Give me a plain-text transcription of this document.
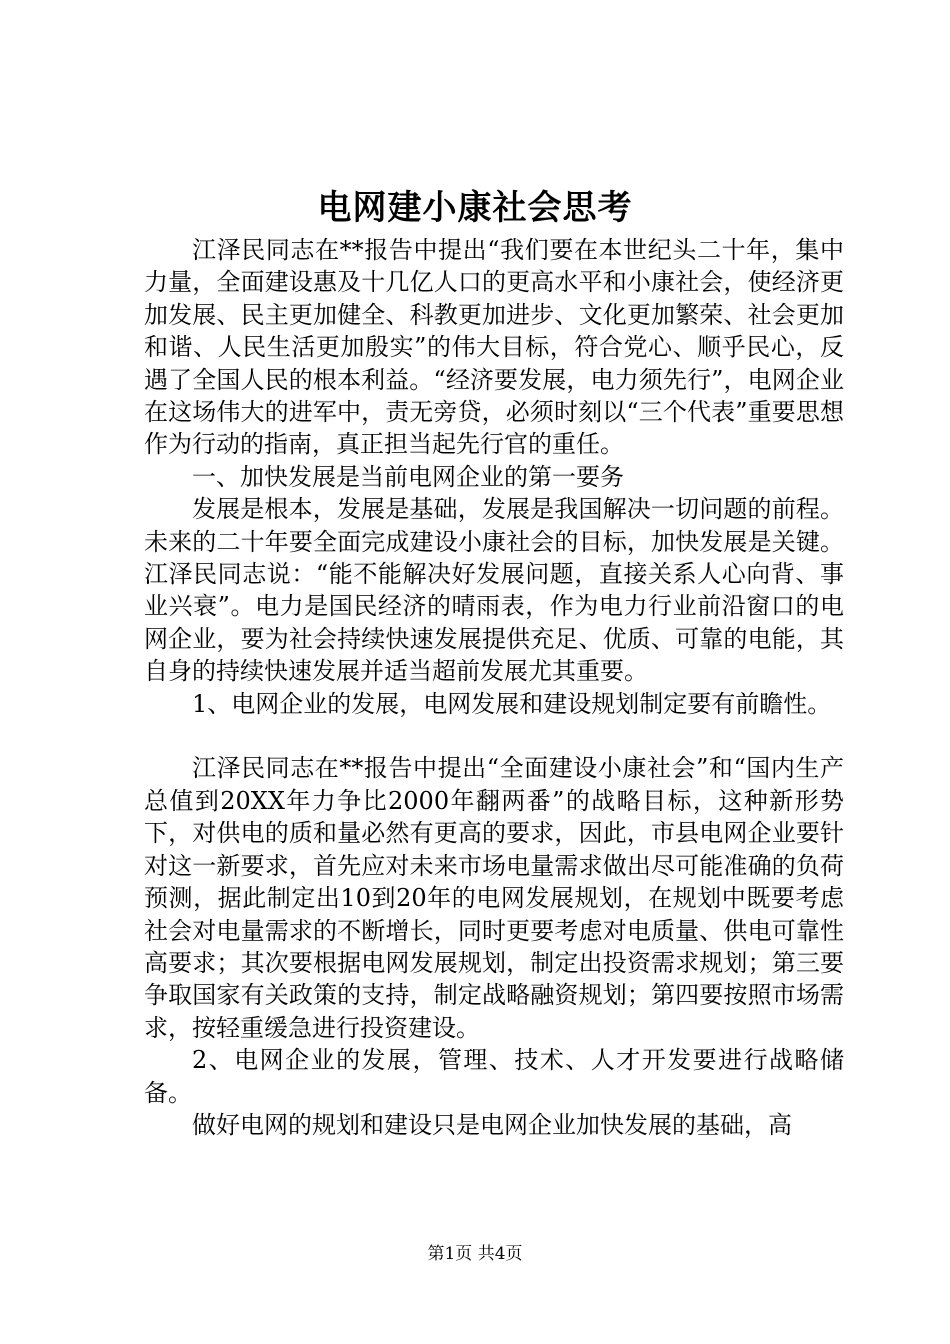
电网建小康社会思考

江泽民同志在**报告中提出“我们要在本世纪头二十年，集中力量，全面建设惠及十几亿人口的更高水平和小康社会，使经济更加发展、民主更加健全、科教更加进步、文化更加繁荣、社会更加和谐、人民生活更加殷实”的伟大目标，符合党心、顺乎民心，反遇了全国人民的根本利益。“经济要发展，电力须先行”，电网企业在这场伟大的进军中，责无旁贷，必须时刻以“三个代表”重要思想作为行动的指南，真正担当起先行官的重任。

一、加快发展是当前电网企业的第一要务

发展是根本，发展是基础，发展是我国解决一切问题的前程。未来的二十年要全面完成建设小康社会的目标，加快发展是关键。江泽民同志说：“能不能解决好发展问题，直接关系人心向背、事业兴衰”。电力是国民经济的晴雨表，作为电力行业前沿窗口的电网企业，要为社会持续快速发展提供充足、优质、可靠的电能，其自身的持续快速发展并适当超前发展尤其重要。

1、电网企业的发展，电网发展和建设规划制定要有前瞻性。

江泽民同志在**报告中提出“全面建设小康社会”和“国内生产总值到20XX年力争比2000年翻两番”的战略目标，这种新形势下，对供电的质和量必然有更高的要求，因此，市县电网企业要针对这一新要求，首先应对未来市场电量需求做出尽可能准确的负荷预测，据此制定出10到20年的电网发展规划，在规划中既要考虑社会对电量需求的不断增长，同时更要考虑对电质量、供电可靠性高要求；其次要根据电网发展规划，制定出投资需求规划；第三要争取国家有关政策的支持，制定战略融资规划；第四要按照市场需求，按轻重缓急进行投资建设。

2、电网企业的发展，管理、技术、人才开发要进行战略储备。

做好电网的规划和建设只是电网企业加快发展的基础，高

第1页 共4页
